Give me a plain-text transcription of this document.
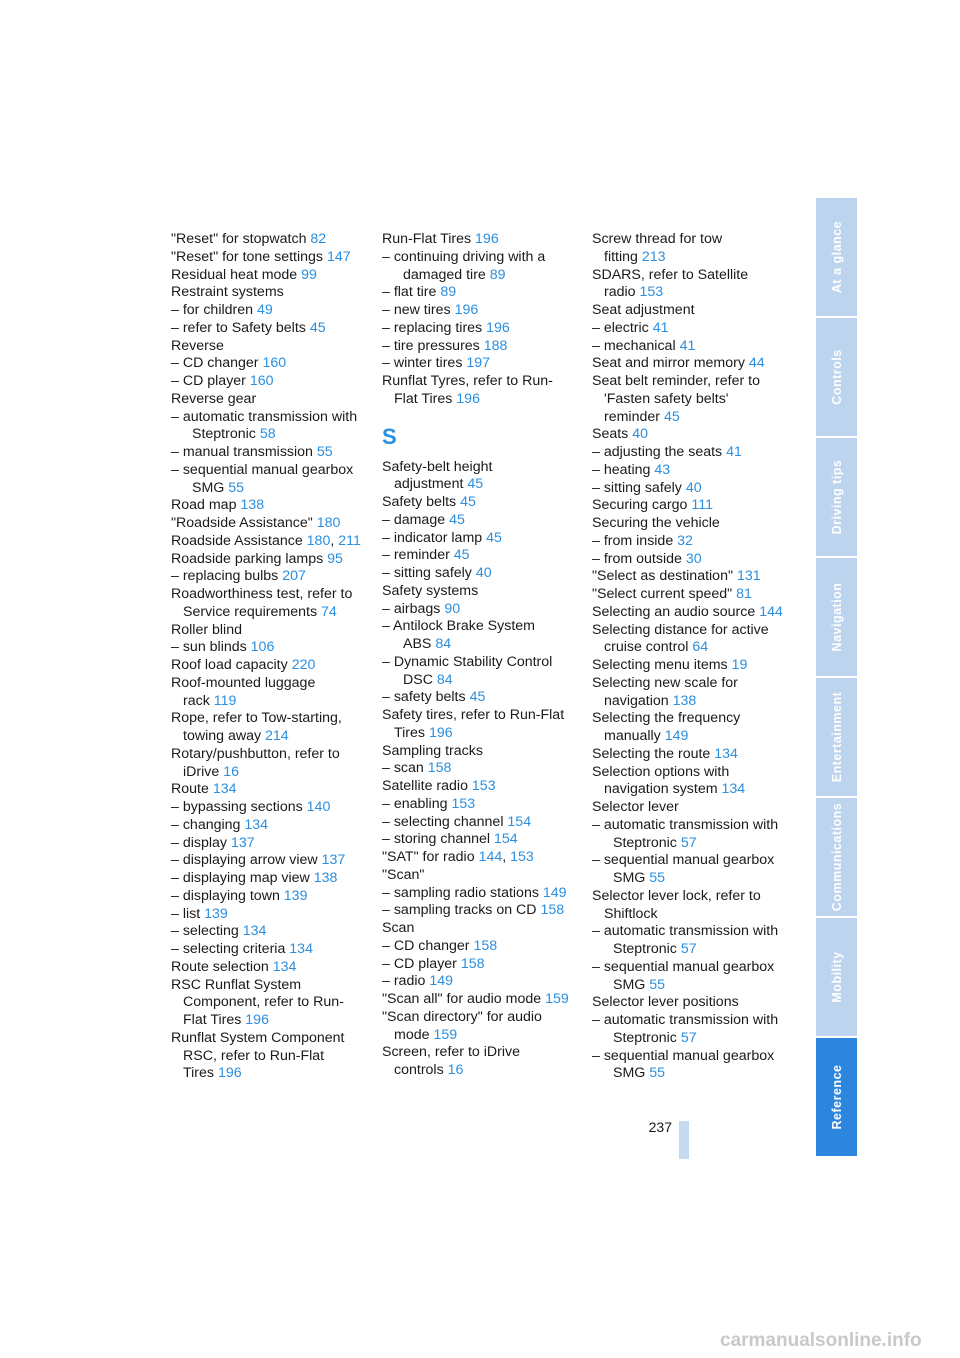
"Reset" for stopwatch 82
"Reset" for tone settings 147
Residual heat mode 99
Restraint systems
– for children 49
– refer to Safety belts 45
Reverse
– CD changer 160
– CD player 160
Reverse gear
– automatic transmission with Steptronic 58
– manual transmission 55
– sequential manual gearbox SMG 55
Road map 138
"Roadside Assistance" 180
Roadside Assistance 180, 211
Roadside parking lamps 95
– replacing bulbs 207
Roadworthiness test, refer to Service requirements 74
Roller blind
– sun blinds 106
Roof load capacity 220
Roof-mounted luggage rack 119
Rope, refer to Tow-starting, towing away 214
Rotary/pushbutton, refer to iDrive 16
Route 134
– bypassing sections 140
– changing 134
– display 137
– displaying arrow view 137
– displaying map view 138
– displaying town 139
– list 139
– selecting 134
– selecting criteria 134
Route selection 134
RSC Runflat System Component, refer to Run-Flat Tires 196
Runflat System Component RSC, refer to Run-Flat Tires 196
Run-Flat Tires 196
– continuing driving with a damaged tire 89
– flat tire 89
– new tires 196
– replacing tires 196
– tire pressures 188
– winter tires 197
Runflat Tyres, refer to Run-Flat Tires 196
S
Safety-belt height adjustment 45
Safety belts 45
– damage 45
– indicator lamp 45
– reminder 45
– sitting safely 40
Safety systems
– airbags 90
– Antilock Brake System ABS 84
– Dynamic Stability Control DSC 84
– safety belts 45
Safety tires, refer to Run-Flat Tires 196
Sampling tracks
– scan 158
Satellite radio 153
– enabling 153
– selecting channel 154
– storing channel 154
"SAT" for radio 144, 153
"Scan"
– sampling radio stations 149
– sampling tracks on CD 158
Scan
– CD changer 158
– CD player 158
– radio 149
"Scan all" for audio mode 159
"Scan directory" for audio mode 159
Screen, refer to iDrive controls 16
Screw thread for tow fitting 213
SDARS, refer to Satellite radio 153
Seat adjustment
– electric 41
– mechanical 41
Seat and mirror memory 44
Seat belt reminder, refer to 'Fasten safety belts' reminder 45
Seats 40
– adjusting the seats 41
– heating 43
– sitting safely 40
Securing cargo 111
Securing the vehicle
– from inside 32
– from outside 30
"Select as destination" 131
"Select current speed" 81
Selecting an audio source 144
Selecting distance for active cruise control 64
Selecting menu items 19
Selecting new scale for navigation 138
Selecting the frequency manually 149
Selecting the route 134
Selection options with navigation system 134
Selector lever
– automatic transmission with Steptronic 57
– sequential manual gearbox SMG 55
Selector lever lock, refer to Shiftlock
– automatic transmission with Steptronic 57
– sequential manual gearbox SMG 55
Selector lever positions
– automatic transmission with Steptronic 57
– sequential manual gearbox SMG 55
At a glance
Controls
Driving tips
Navigation
Entertainment
Communications
Mobility
Reference
237
carmanualsonline.info
